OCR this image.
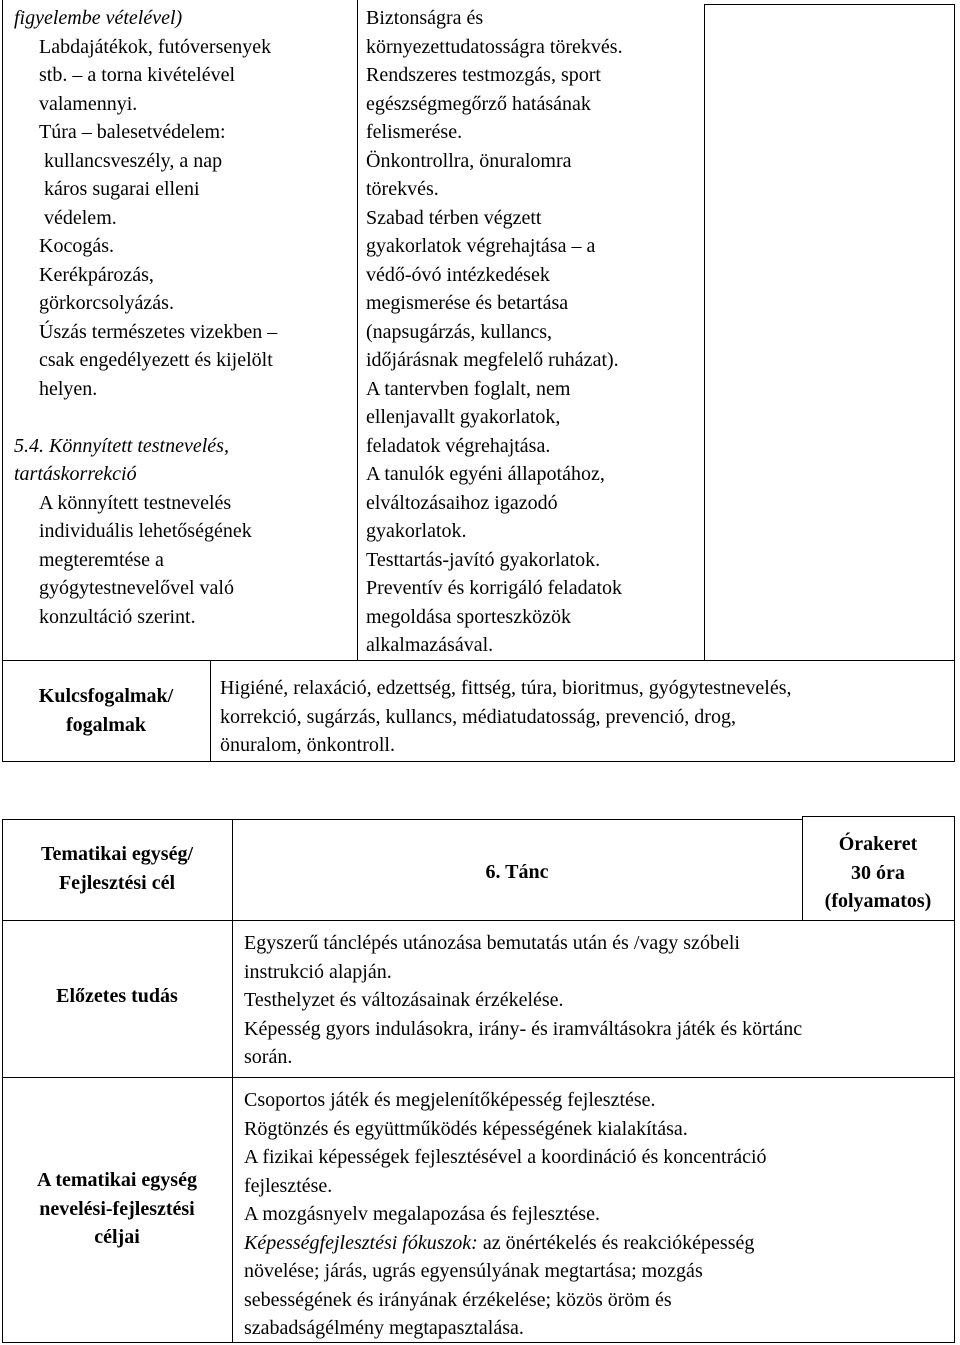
figyelembe vételével)
Labdajátékok, futóversenyek
stb. – a torna kivételével
valamennyi.
Túra – balesetvédelem:
kullancsveszély, a nap
káros sugarai elleni
védelem.
Kocogás.
Kerékpározás,
görkorcsolyázás.
Úszás természetes vizekben –
csak engedélyezett és kijelölt
helyen.

5.4. Könnyített testnevelés,
tartáskorrekció
A könnyített testnevelés
individuális lehetőségének
megteremtése a
gyógytestnevelővel való
konzultáció szerint.
Biztonságra és
környezettudatosságra törekvés.
Rendszeres testmozgás, sport
egészségmegőrző hatásának
felismerése.
Önkontrollra, önuralomra
törekvés.
Szabad térben végzett
gyakorlatok végrehajtása – a
védő-óvó intézkedések
megismerése és betartása
(napsugárzás, kullancs,
időjárásnak megfelelő ruházat).
A tantervben foglalt, nem
ellenjavallt gyakorlatok,
feladatok végrehajtása.
A tanulók egyéni állapotához,
elváltozásaihoz igazodó
gyakorlatok.
Testtartás-javító gyakorlatok.
Preventív és korrigáló feladatok
megoldása sporteszközök
alkalmazásával.
Kulcsfogalmak/
fogalmak
Higiéné, relaxáció, edzettség, fittség, túra, bioritmus, gyógytestnevelés,
korrekció, sugárzás, kullancs, médiatudatosság, prevenció, drog,
önuralom, önkontroll.
Tematikai egység/
Fejlesztési cél	6. Tánc
Órakeret
30 óra
(folyamatos)
Előzetes tudás
Egyszerű tánclépés utánozása bemutatás után és /vagy szóbeli
instrukció alapján.
Testhelyzet és változásainak érzékelése.
Képesség gyors indulásokra, irány- és iramváltásokra játék és körtánc
során.
A tematikai egység
nevelési-fejlesztési
céljai
Csoportos játék és megjelenítőképesség fejlesztése.
Rögtönzés és együttműködés képességének kialakítása.
A fizikai képességek fejlesztésével a koordináció és koncentráció
fejlesztése.
A mozgásnyelv megalapozása és fejlesztése.
Képességfejlesztési fókuszok: az önértékelés és reakcióképesség
növelése; járás, ugrás egyensúlyának megtartása; mozgás
sebességének és irányának érzékelése; közös öröm és
szabadságélmény megtapasztalása.
